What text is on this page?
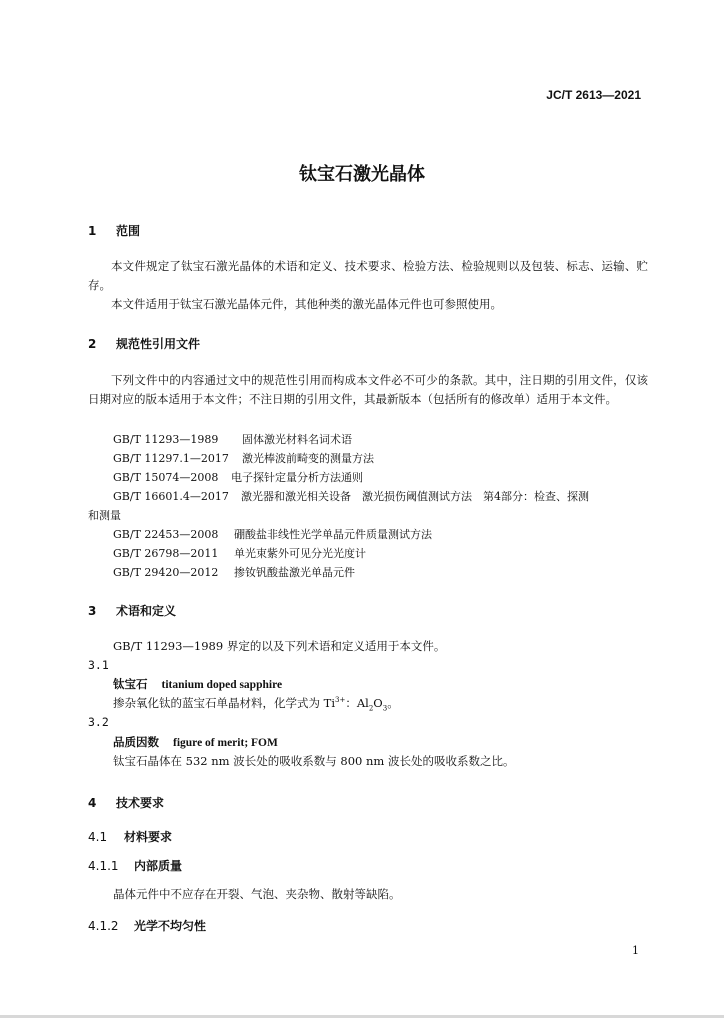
JC/T 2613—2021
钛宝石激光晶体
1 范围
本文件规定了钛宝石激光晶体的术语和定义、技术要求、检验方法、检验规则以及包装、标志、运输、贮存。
本文件适用于钛宝石激光晶体元件，其他种类的激光晶体元件也可参照使用。
2 规范性引用文件
下列文件中的内容通过文中的规范性引用而构成本文件必不可少的条款。其中，注日期的引用文件，仅该日期对应的版本适用于本文件；不注日期的引用文件，其最新版本（包括所有的修改单）适用于本文件。
GB/T 11293—1989 固体激光材料名词术语
GB/T 11297.1—2017 激光棒波前畸变的测量方法
GB/T 15074—2008 电子探针定量分析方法通则
GB/T 16601.4—2017 激光器和激光相关设备　激光损伤阈值测试方法　第4部分：检查、探测
和测量
GB/T 22453—2008 硼酸盐非线性光学单晶元件质量测试方法
GB/T 26798—2011 单光束紫外可见分光光度计
GB/T 29420—2012 掺钕钒酸盐激光单晶元件
3 术语和定义
GB/T 11293—1989 界定的以及下列术语和定义适用于本文件。
3.1
钛宝石 titanium doped sapphire
掺杂氧化钛的蓝宝石单晶材料，化学式为 $Ti^{3+}$：$Al_2O_3$。
3.2
品质因数 figure of merit; FOM
钛宝石晶体在 532 nm 波长处的吸收系数与 800 nm 波长处的吸收系数之比。
4 技术要求
4.1 材料要求
4.1.1 内部质量
晶体元件中不应存在开裂、气泡、夹杂物、散射等缺陷。
4.1.2 光学不均匀性
1
